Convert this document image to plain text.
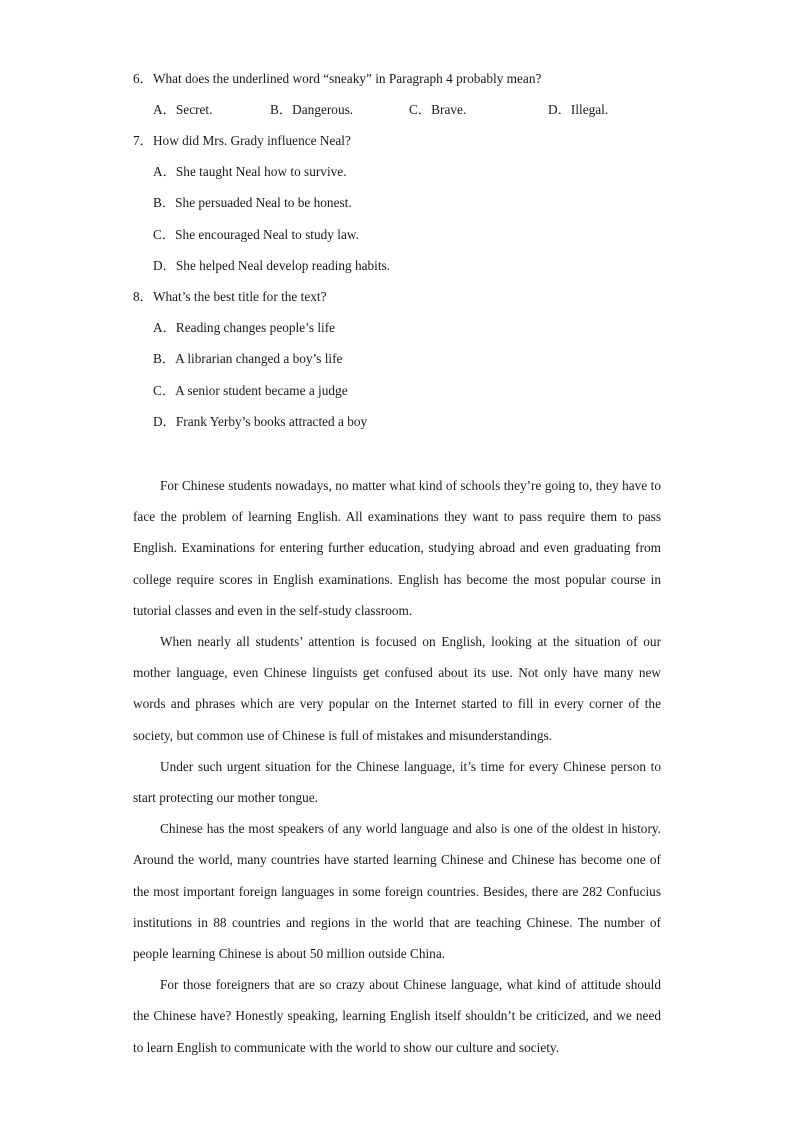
6．What does the underlined word “sneaky” in Paragraph 4 probably mean?
A．Secret.	B．Dangerous.	C．Brave.	D．Illegal.
7．How did Mrs. Grady influence Neal?
A．She taught Neal how to survive.
B．She persuaded Neal to be honest.
C．She encouraged Neal to study law.
D．She helped Neal develop reading habits.
8．What’s the best title for the text?
A．Reading changes people’s life
B．A librarian changed a boy’s life
C．A senior student became a judge
D．Frank Yerby’s books attracted a boy

For Chinese students nowadays, no matter what kind of schools they’re going to, they have to face the problem of learning English. All examinations they want to pass require them to pass English. Examinations for entering further education, studying abroad and even graduating from college require scores in English examinations. English has become the most popular course in tutorial classes and even in the self-study classroom.

When nearly all students’ attention is focused on English, looking at the situation of our mother language, even Chinese linguists get confused about its use. Not only have many new words and phrases which are very popular on the Internet started to fill in every corner of the society, but common use of Chinese is full of mistakes and misunderstandings.

Under such urgent situation for the Chinese language, it’s time for every Chinese person to start protecting our mother tongue.

Chinese has the most speakers of any world language and also is one of the oldest in history. Around the world, many countries have started learning Chinese and Chinese has become one of the most important foreign languages in some foreign countries. Besides, there are 282 Confucius institutions in 88 countries and regions in the world that are teaching Chinese. The number of people learning Chinese is about 50 million outside China.

For those foreigners that are so crazy about Chinese language, what kind of attitude should the Chinese have? Honestly speaking, learning English itself shouldn’t be criticized, and we need to learn English to communicate with the world to show our culture and society.
